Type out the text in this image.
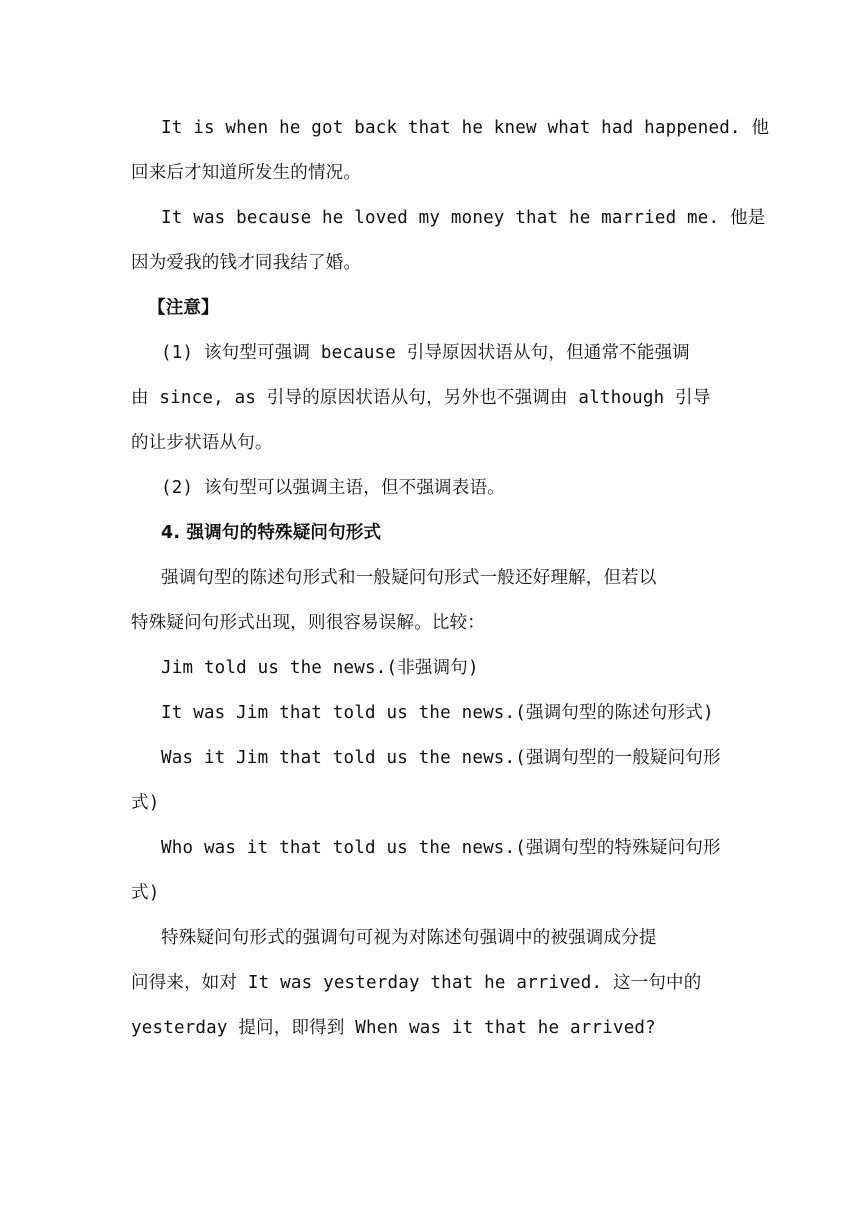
It is when he got back that he knew what had happened. 他
回来后才知道所发生的情况。
It was because he loved my money that he married me. 他是
因为爱我的钱才同我结了婚。
【注意】
(1) 该句型可强调 because 引导原因状语从句，但通常不能强调
由 since, as 引导的原因状语从句，另外也不强调由 although 引导
的让步状语从句。
(2) 该句型可以强调主语，但不强调表语。
4. 强调句的特殊疑问句形式
强调句型的陈述句形式和一般疑问句形式一般还好理解，但若以
特殊疑问句形式出现，则很容易误解。比较：
Jim told us the news.(非强调句)
It was Jim that told us the news.(强调句型的陈述句形式)
Was it Jim that told us the news.(强调句型的一般疑问句形
式)
Who was it that told us the news.(强调句型的特殊疑问句形
式)
特殊疑问句形式的强调句可视为对陈述句强调中的被强调成分提
问得来，如对 It was yesterday that he arrived. 这一句中的
yesterday 提问，即得到 When was it that he arrived?
